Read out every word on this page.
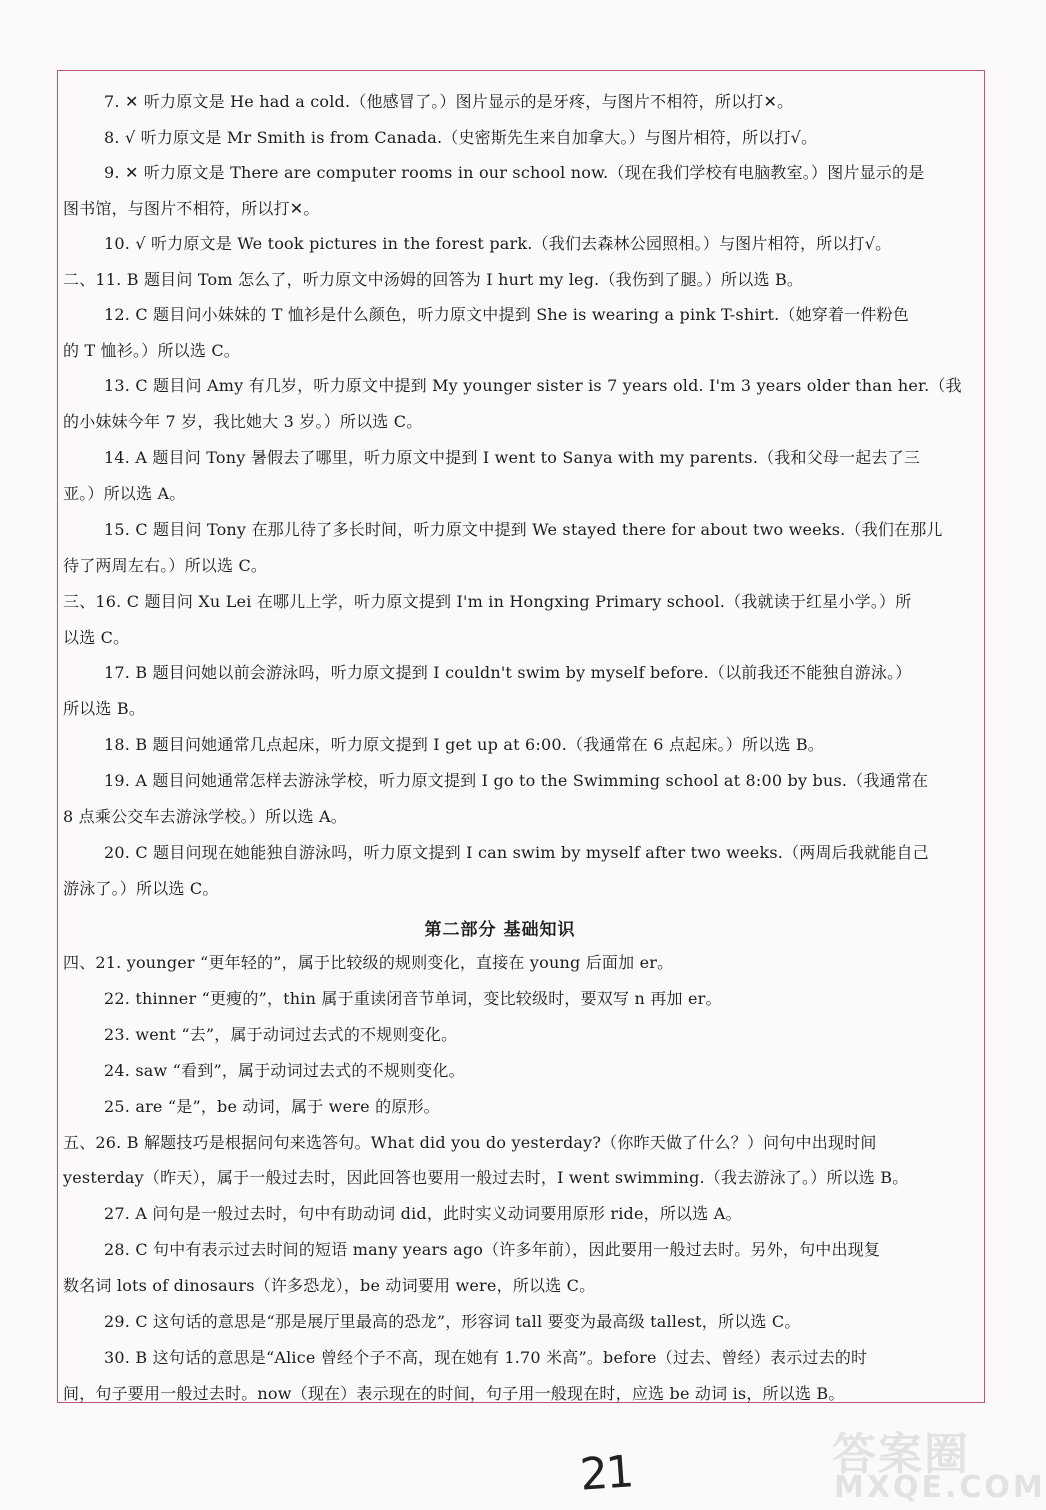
21	答案圈
MXQE.COM
7. ✕ 听力原文是 He had a cold.（他感冒了。）图片显示的是牙疼，与图片不相符，所以打✕。
8. √ 听力原文是 Mr Smith is from Canada.（史密斯先生来自加拿大。）与图片相符，所以打√。
9. ✕ 听力原文是 There are computer rooms in our school now.（现在我们学校有电脑教室。）图片显示的是
图书馆，与图片不相符，所以打✕。
10. √ 听力原文是 We took pictures in the forest park.（我们去森林公园照相。）与图片相符，所以打√。
二、11. B 题目问 Tom 怎么了，听力原文中汤姆的回答为 I hurt my leg.（我伤到了腿。）所以选 B。
12. C 题目问小妹妹的 T 恤衫是什么颜色，听力原文中提到 She is wearing a pink T-shirt.（她穿着一件粉色
的 T 恤衫。）所以选 C。
13. C 题目问 Amy 有几岁，听力原文中提到 My younger sister is 7 years old. I'm 3 years older than her.（我
的小妹妹今年 7 岁，我比她大 3 岁。）所以选 C。
14. A 题目问 Tony 暑假去了哪里，听力原文中提到 I went to Sanya with my parents.（我和父母一起去了三
亚。）所以选 A。
15. C 题目问 Tony 在那儿待了多长时间，听力原文中提到 We stayed there for about two weeks.（我们在那儿
待了两周左右。）所以选 C。
三、16. C 题目问 Xu Lei 在哪儿上学，听力原文提到 I'm in Hongxing Primary school.（我就读于红星小学。）所
以选 C。
17. B 题目问她以前会游泳吗，听力原文提到 I couldn't swim by myself before.（以前我还不能独自游泳。）
所以选 B。
18. B 题目问她通常几点起床，听力原文提到 I get up at 6:00.（我通常在 6 点起床。）所以选 B。
19. A 题目问她通常怎样去游泳学校，听力原文提到 I go to the Swimming school at 8:00 by bus.（我通常在
8 点乘公交车去游泳学校。）所以选 A。
20. C 题目问现在她能独自游泳吗，听力原文提到 I can swim by myself after two weeks.（两周后我就能自己
游泳了。）所以选 C。
第二部分 基础知识
四、21. younger “更年轻的”，属于比较级的规则变化，直接在 young 后面加 er。
22. thinner “更瘦的”，thin 属于重读闭音节单词，变比较级时，要双写 n 再加 er。
23. went “去”，属于动词过去式的不规则变化。
24. saw “看到”，属于动词过去式的不规则变化。
25. are “是”，be 动词，属于 were 的原形。
五、26. B 解题技巧是根据问句来选答句。What did you do yesterday?（你昨天做了什么？）问句中出现时间
yesterday（昨天），属于一般过去时，因此回答也要用一般过去时，I went swimming.（我去游泳了。）所以选 B。
27. A 问句是一般过去时，句中有助动词 did，此时实义动词要用原形 ride，所以选 A。
28. C 句中有表示过去时间的短语 many years ago（许多年前），因此要用一般过去时。另外，句中出现复
数名词 lots of dinosaurs（许多恐龙），be 动词要用 were，所以选 C。
29. C 这句话的意思是“那是展厅里最高的恐龙”，形容词 tall 要变为最高级 tallest，所以选 C。
30. B 这句话的意思是“Alice 曾经个子不高，现在她有 1.70 米高”。before（过去、曾经）表示过去的时
间，句子要用一般过去时。now（现在）表示现在的时间，句子用一般现在时，应选 be 动词 is，所以选 B。
